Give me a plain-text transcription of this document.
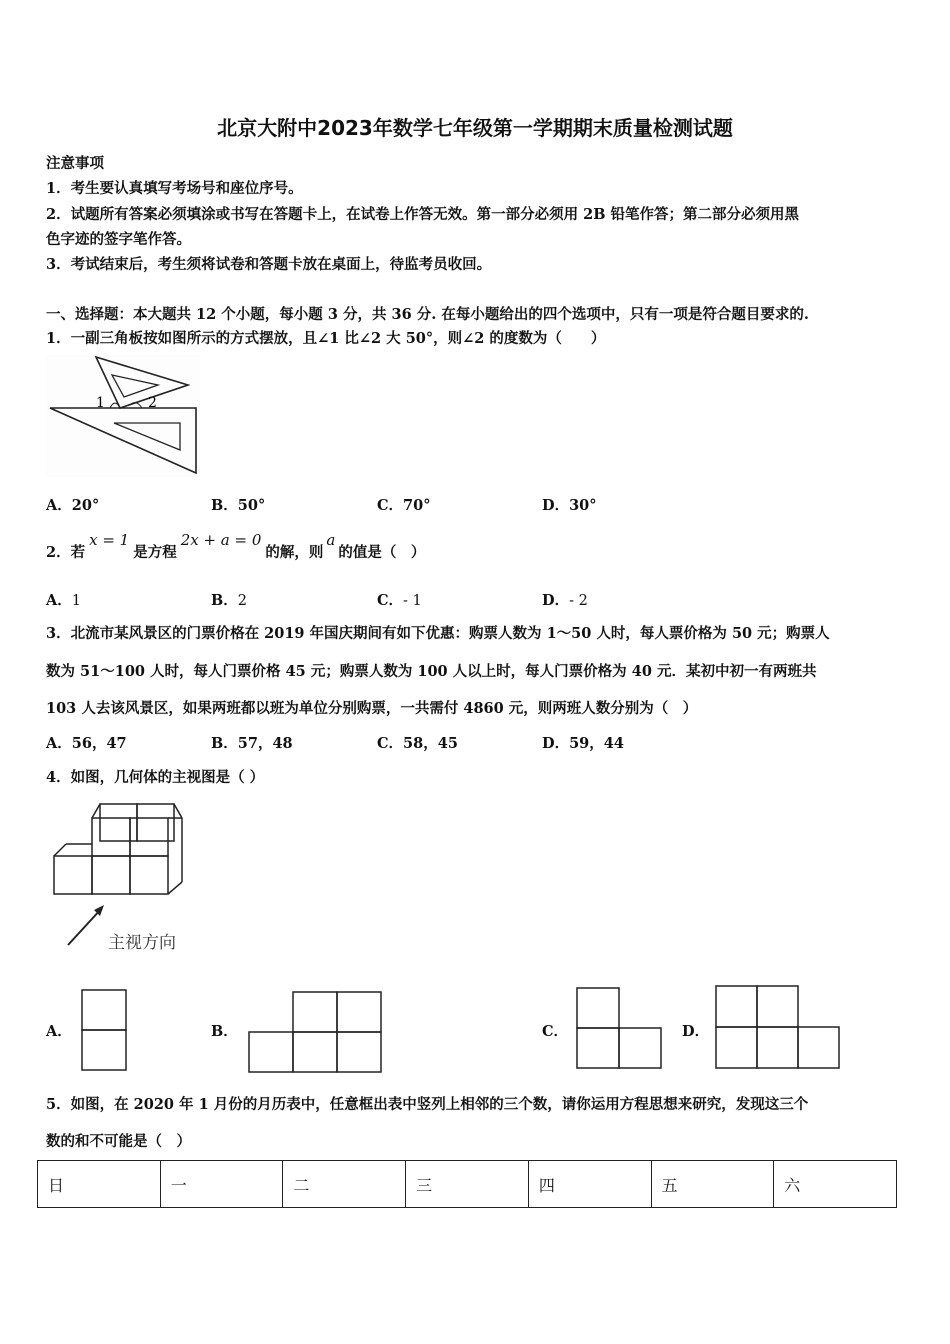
北京大附中2023年数学七年级第一学期期末质量检测试题
注意事项
1．考生要认真填写考场号和座位序号。
2．试题所有答案必须填涂或书写在答题卡上，在试卷上作答无效。第一部分必须用 2B 铅笔作答；第二部分必须用黑
色字迹的签字笔作答。
3．考试结束后，考生须将试卷和答题卡放在桌面上，待监考员收回。
一、选择题：本大题共 12 个小题，每小题 3 分，共 36 分. 在每小题给出的四个选项中，只有一项是符合题目要求的.
1．一副三角板按如图所示的方式摆放，且∠1 比∠2 大 50°，则∠2 的度数为（　　）
1	2
A．20°	B．50°	C．70°	D．30°
2．若x = 1是方程2x + a = 0的解，则a的值是（　）
A．1	B．2	C．- 1	D．- 2
3．北流市某风景区的门票价格在 2019 年国庆期间有如下优惠：购票人数为 1～50 人时，每人票价格为 50 元；购票人
数为 51～100 人时，每人门票价格 45 元；购票人数为 100 人以上时，每人门票价格为 40 元．某初中初一有两班共
103 人去该风景区，如果两班都以班为单位分别购票，一共需付 4860 元，则两班人数分别为（　）
A．56，47	B．57，48	C．58，45	D．59，44
4．如图，几何体的主视图是（ ）
主视方向
A．	B．	C．	D．
5．如图，在 2020 年 1 月份的月历表中，任意框出表中竖列上相邻的三个数，请你运用方程思想来研究，发现这三个
数的和不可能是（　）
日	一	二	三	四	五	六
